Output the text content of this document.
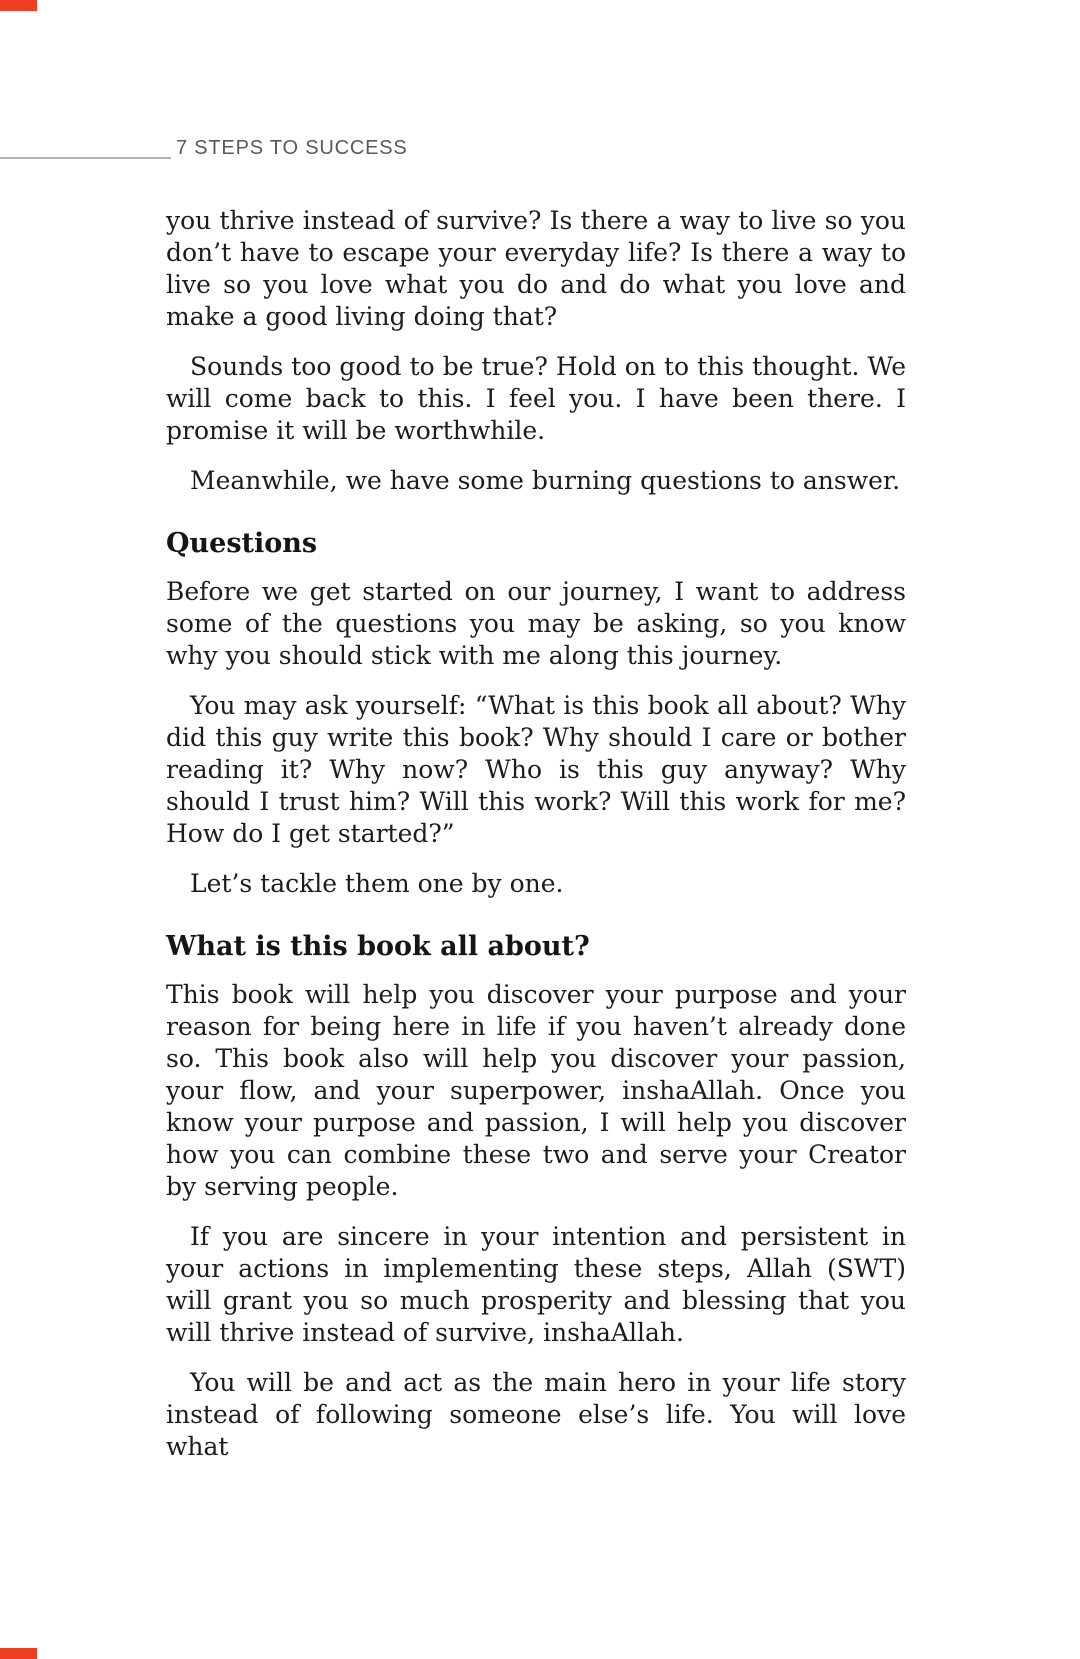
7 STEPS TO SUCCESS

you thrive instead of survive? Is there a way to live so you don’t have to escape your everyday life? Is there a way to live so you love what you do and do what you love and make a good living doing that?

Sounds too good to be true? Hold on to this thought. We will come back to this. I feel you. I have been there. I promise it will be worthwhile.

Meanwhile, we have some burning questions to answer.

Questions

Before we get started on our journey, I want to address some of the questions you may be asking, so you know why you should stick with me along this journey.

You may ask yourself: “What is this book all about? Why did this guy write this book? Why should I care or bother reading it? Why now? Who is this guy anyway? Why should I trust him? Will this work? Will this work for me? How do I get started?”

Let’s tackle them one by one.

What is this book all about?

This book will help you discover your purpose and your reason for being here in life if you haven’t already done so. This book also will help you discover your passion, your flow, and your superpower, inshaAllah. Once you know your purpose and passion, I will help you discover how you can combine these two and serve your Creator by serving people.

If you are sincere in your intention and persistent in your actions in implementing these steps, Allah (SWT) will grant you so much prosperity and blessing that you will thrive instead of survive, inshaAllah.

You will be and act as the main hero in your life story instead of following someone else’s life. You will love what
